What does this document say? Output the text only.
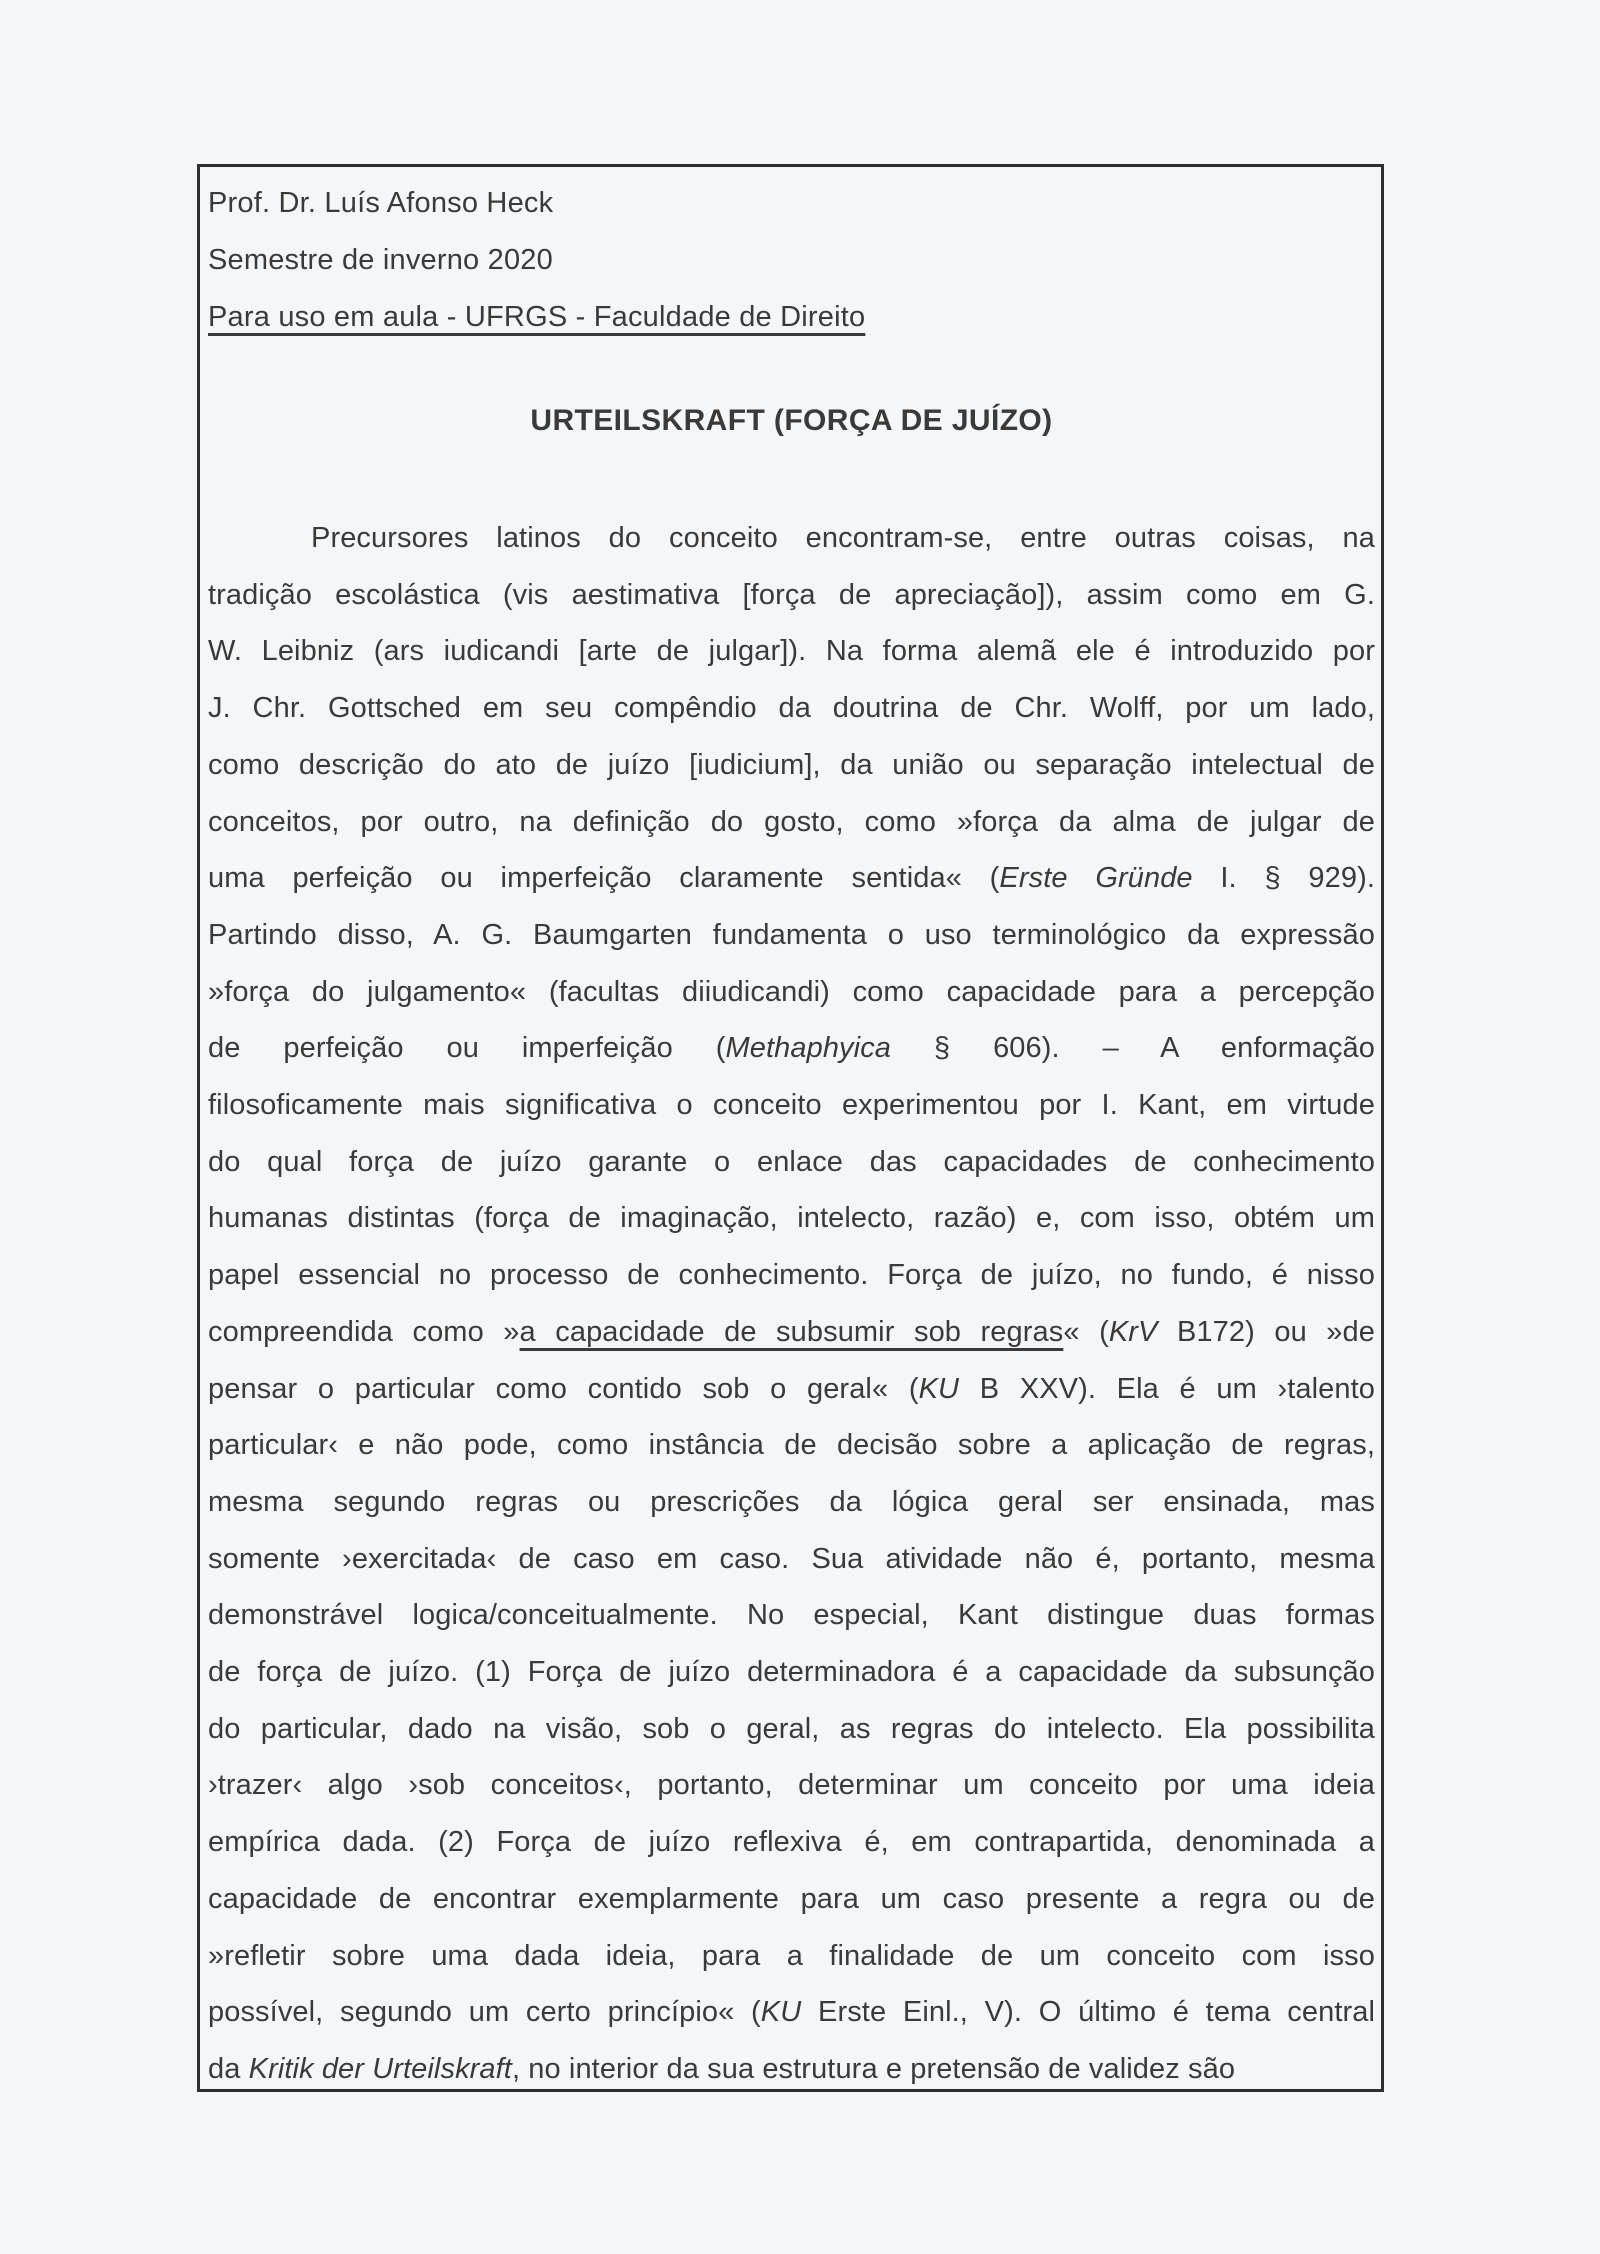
Prof. Dr. Luís Afonso Heck
Semestre de inverno 2020
Para uso em aula - UFRGS - Faculdade de Direito
URTEILSKRAFT (FORÇA DE JUÍZO)
Precursores latinos do conceito encontram-se, entre outras coisas, na
tradição escolástica (vis aestimativa [força de apreciação]), assim como em G.
W. Leibniz (ars iudicandi [arte de julgar]). Na forma alemã ele é introduzido por
J. Chr. Gottsched em seu compêndio da doutrina de Chr. Wolff, por um lado,
como descrição do ato de juízo [iudicium], da união ou separação intelectual de
conceitos, por outro, na definição do gosto, como »força da alma de julgar de
uma perfeição ou imperfeição claramente sentida« (Erste Gründe I. § 929).
Partindo disso, A. G. Baumgarten fundamenta o uso terminológico da expressão
»força do julgamento« (facultas diiudicandi) como capacidade para a percepção
de perfeição ou imperfeição (Methaphyica § 606). – A enformação
filosoficamente mais significativa o conceito experimentou por I. Kant, em virtude
do qual força de juízo garante o enlace das capacidades de conhecimento
humanas distintas (força de imaginação, intelecto, razão) e, com isso, obtém um
papel essencial no processo de conhecimento. Força de juízo, no fundo, é nisso
compreendida como »a capacidade de subsumir sob regras« (KrV B172) ou »de
pensar o particular como contido sob o geral« (KU B XXV). Ela é um ›talento
particular‹ e não pode, como instância de decisão sobre a aplicação de regras,
mesma segundo regras ou prescrições da lógica geral ser ensinada, mas
somente ›exercitada‹ de caso em caso. Sua atividade não é, portanto, mesma
demonstrável logica/conceitualmente. No especial, Kant distingue duas formas
de força de juízo. (1) Força de juízo determinadora é a capacidade da subsunção
do particular, dado na visão, sob o geral, as regras do intelecto. Ela possibilita
›trazer‹ algo ›sob conceitos‹, portanto, determinar um conceito por uma ideia
empírica dada. (2) Força de juízo reflexiva é, em contrapartida, denominada a
capacidade de encontrar exemplarmente para um caso presente a regra ou de
»refletir sobre uma dada ideia, para a finalidade de um conceito com isso
possível, segundo um certo princípio« (KU Erste Einl., V). O último é tema central
da Kritik der Urteilskraft, no interior da sua estrutura e pretensão de validez são
